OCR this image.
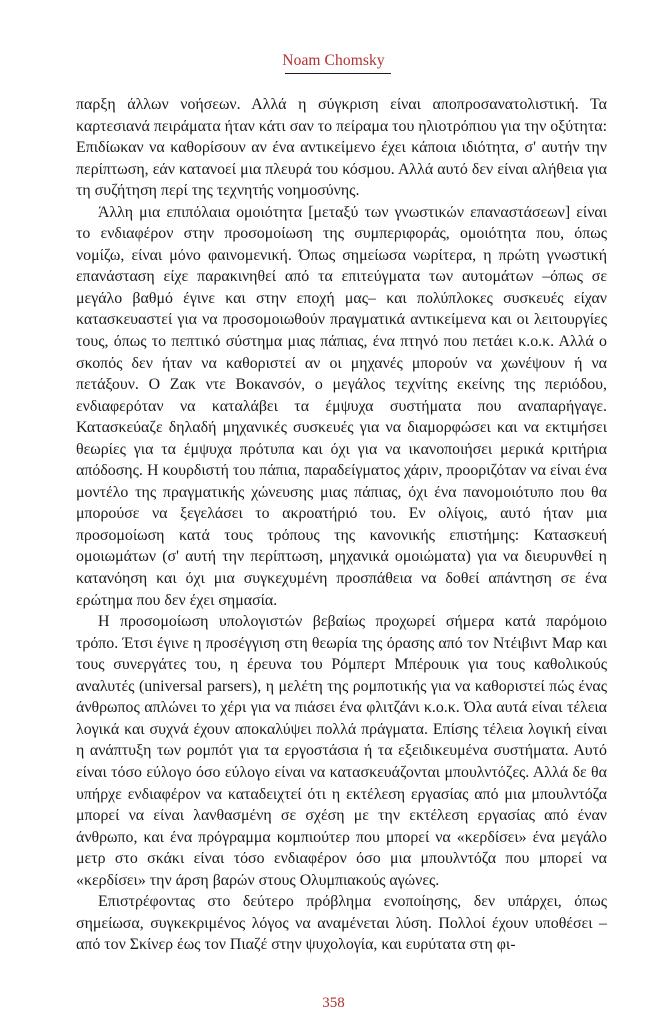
Noam Chomsky

παρξη άλλων νοήσεων. Αλλά η σύγκριση είναι αποπροσανατολιστική. Τα καρτεσιανά πειράματα ήταν κάτι σαν το πείραμα του ηλιοτρόπιου για την οξύτητα: Επιδίωκαν να καθορίσουν αν ένα αντικείμενο έχει κάποια ιδιότητα, σ' αυτήν την περίπτωση, εάν κατανοεί μια πλευρά του κόσμου. Αλλά αυτό δεν είναι αλήθεια για τη συζήτηση περί της τεχνητής νοημοσύνης.

Άλλη μια επιπόλαια ομοιότητα [μεταξύ των γνωστικών επαναστάσεων] είναι το ενδιαφέρον στην προσομοίωση της συμπεριφοράς, ομοιότητα που, όπως νομίζω, είναι μόνο φαινομενική. Όπως σημείωσα νωρίτερα, η πρώτη γνωστική επανάσταση είχε παρακινηθεί από τα επιτεύγματα των αυτομάτων –όπως σε μεγάλο βαθμό έγινε και στην εποχή μας– και πολύπλοκες συσκευές είχαν κατασκευαστεί για να προσομοιωθούν πραγματικά αντικείμενα και οι λειτουργίες τους, όπως το πεπτικό σύστημα μιας πάπιας, ένα πτηνό που πετάει κ.ο.κ. Αλλά ο σκοπός δεν ήταν να καθοριστεί αν οι μηχανές μπορούν να χωνέψουν ή να πετάξουν. Ο Ζακ ντε Βοκανσόν, ο μεγάλος τεχνίτης εκείνης της περιόδου, ενδιαφερόταν να καταλάβει τα έμψυχα συστήματα που αναπαρήγαγε. Κατασκεύαζε δηλαδή μηχανικές συσκευές για να διαμορφώσει και να εκτιμήσει θεωρίες για τα έμψυχα πρότυπα και όχι για να ικανοποιήσει μερικά κριτήρια απόδοσης. Η κουρδιστή του πάπια, παραδείγματος χάριν, προοριζόταν να είναι ένα μοντέλο της πραγματικής χώνευσης μιας πάπιας, όχι ένα πανομοιότυπο που θα μπορούσε να ξεγελάσει το ακροατήριό του. Εν ολίγοις, αυτό ήταν μια προσομοίωση κατά τους τρόπους της κανονικής επιστήμης: Κατασκευή ομοιωμάτων (σ' αυτή την περίπτωση, μηχανικά ομοιώματα) για να διευρυνθεί η κατανόηση και όχι μια συγκεχυμένη προσπάθεια να δοθεί απάντηση σε ένα ερώτημα που δεν έχει σημασία.

Η προσομοίωση υπολογιστών βεβαίως προχωρεί σήμερα κατά παρόμοιο τρόπο. Έτσι έγινε η προσέγγιση στη θεωρία της όρασης από τον Ντέιβιντ Μαρ και τους συνεργάτες του, η έρευνα του Ρόμπερτ Μπέρουικ για τους καθολικούς αναλυτές (universal parsers), η μελέτη της ρομποτικής για να καθοριστεί πώς ένας άνθρωπος απλώνει το χέρι για να πιάσει ένα φλιτζάνι κ.ο.κ. Όλα αυτά είναι τέλεια λογικά και συχνά έχουν αποκαλύψει πολλά πράγματα. Επίσης τέλεια λογική είναι η ανάπτυξη των ρομπότ για τα εργοστάσια ή τα εξειδικευμένα συστήματα. Αυτό είναι τόσο εύλογο όσο εύλογο είναι να κατασκευάζονται μπουλντόζες. Αλλά δε θα υπήρχε ενδιαφέρον να καταδειχτεί ότι η εκτέλεση εργασίας από μια μπουλντόζα μπορεί να είναι λανθασμένη σε σχέση με την εκτέλεση εργασίας από έναν άνθρωπο, και ένα πρόγραμμα κομπιούτερ που μπορεί να «κερδίσει» ένα μεγάλο μετρ στο σκάκι είναι τόσο ενδιαφέρον όσο μια μπουλντόζα που μπορεί να «κερδίσει» την άρση βαρών στους Ολυμπιακούς αγώνες.

Επιστρέφοντας στο δεύτερο πρόβλημα ενοποίησης, δεν υπάρχει, όπως σημείωσα, συγκεκριμένος λόγος να αναμένεται λύση. Πολλοί έχουν υποθέσει –από τον Σκίνερ έως τον Πιαζέ στην ψυχολογία, και ευρύτατα στη φι-

358
